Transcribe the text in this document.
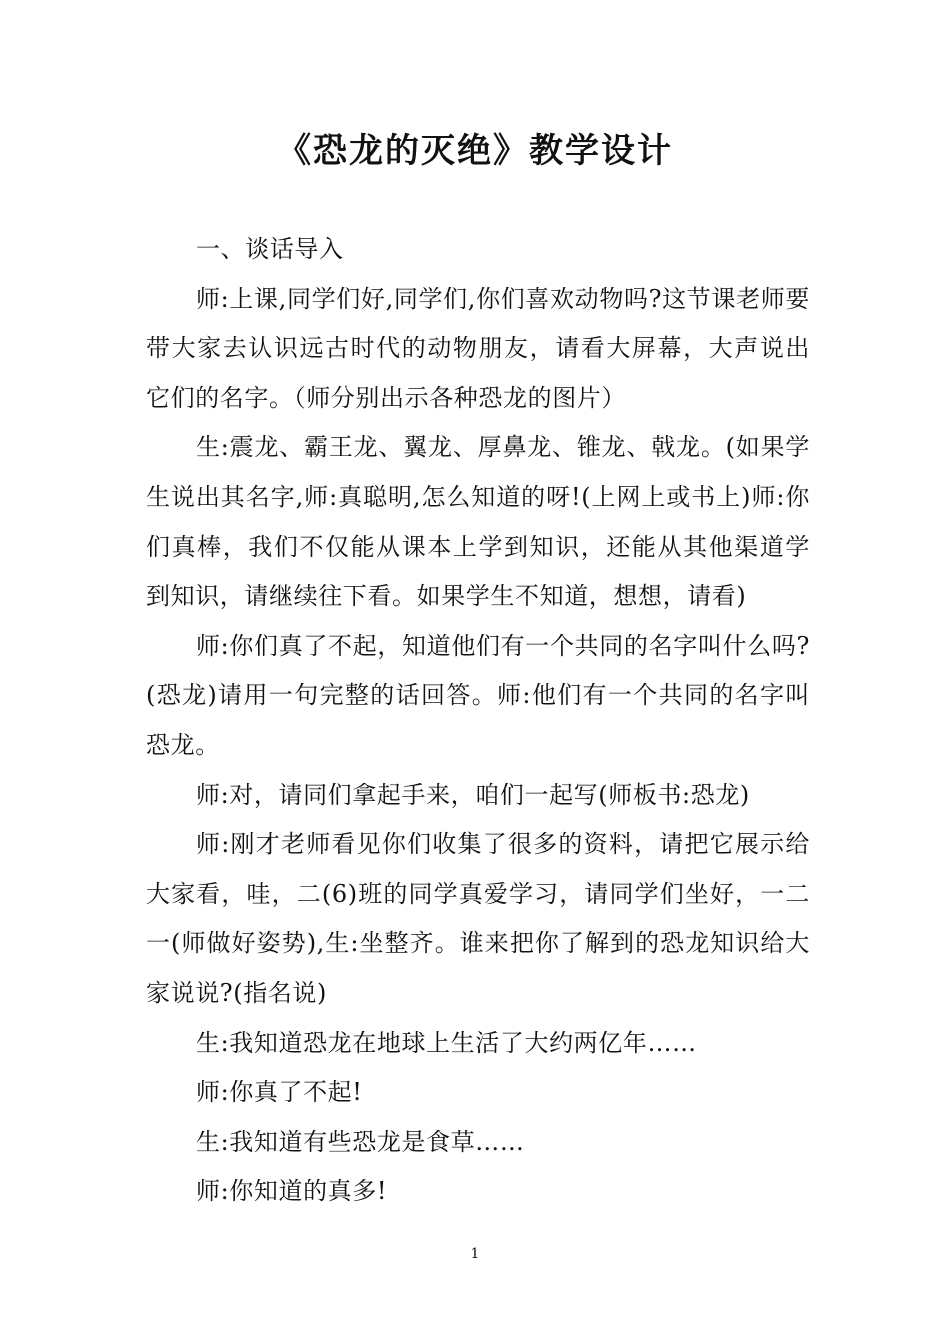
《恐龙的灭绝》教学设计

一、谈话导入

师:上课,同学们好,同学们,你们喜欢动物吗?这节课老师要带大家去认识远古时代的动物朋友，请看大屏幕，大声说出它们的名字。（师分别出示各种恐龙的图片）

生:震龙、霸王龙、翼龙、厚鼻龙、锥龙、戟龙。(如果学生说出其名字,师:真聪明,怎么知道的呀!(上网上或书上)师:你们真棒，我们不仅能从课本上学到知识，还能从其他渠道学到知识，请继续往下看。如果学生不知道，想想，请看)

师:你们真了不起，知道他们有一个共同的名字叫什么吗?(恐龙)请用一句完整的话回答。师:他们有一个共同的名字叫恐龙。

师:对，请同们拿起手来，咱们一起写(师板书:恐龙)

师:刚才老师看见你们收集了很多的资料，请把它展示给大家看，哇，二(6)班的同学真爱学习，请同学们坐好，一二一(师做好姿势),生:坐整齐。谁来把你了解到的恐龙知识给大家说说?(指名说)

生:我知道恐龙在地球上生活了大约两亿年……

师:你真了不起!

生:我知道有些恐龙是食草……

师:你知道的真多!

1
